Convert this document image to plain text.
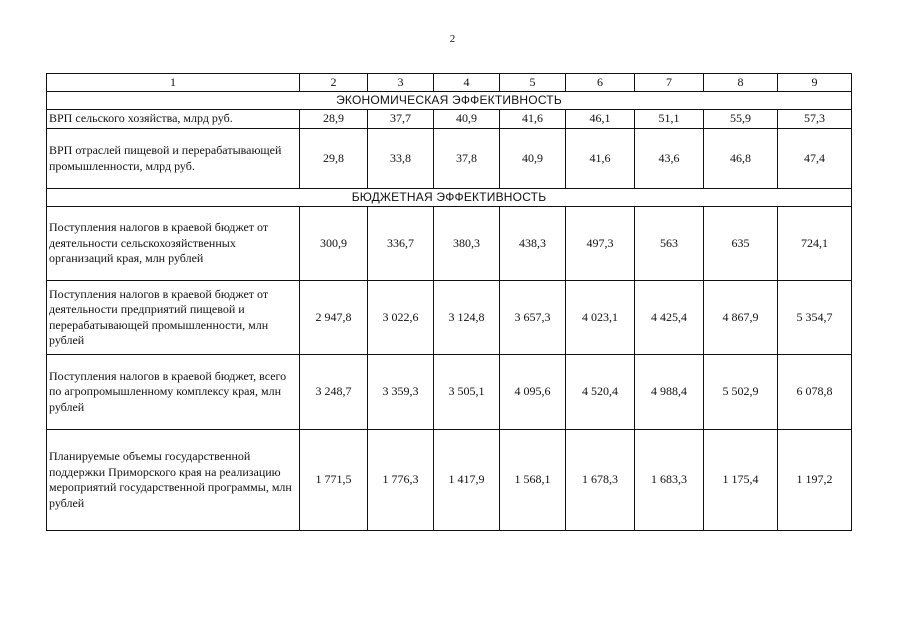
2
1	2	3	4	5	6	7	8	9
ЭКОНОМИЧЕСКАЯ ЭФФЕКТИВНОСТЬ								
ВРП сельского хозяйства, млрд руб.	28,9	37,7	40,9	41,6	46,1	51,1	55,9	57,3
ВРП отраслей пищевой и перерабатывающей промышленности, млрд руб.	29,8	33,8	37,8	40,9	41,6	43,6	46,8	47,4
БЮДЖЕТНАЯ ЭФФЕКТИВНОСТЬ								
Поступления налогов в краевой бюджет от деятельности сельскохозяйственных организаций края, млн рублей	300,9	336,7	380,3	438,3	497,3	563	635	724,1
Поступления налогов в краевой бюджет от деятельности предприятий пищевой и перерабатывающей промышленности, млн рублей	2 947,8	3 022,6	3 124,8	3 657,3	4 023,1	4 425,4	4 867,9	5 354,7
Поступления налогов в краевой бюджет, всего по агропромышленному комплексу края, млн рублей	3 248,7	3 359,3	3 505,1	4 095,6	4 520,4	4 988,4	5 502,9	6 078,8
Планируемые объемы государственной поддержки Приморского края на реализацию мероприятий государственной программы, млн рублей	1 771,5	1 776,3	1 417,9	1 568,1	1 678,3	1 683,3	1 175,4	1 197,2
